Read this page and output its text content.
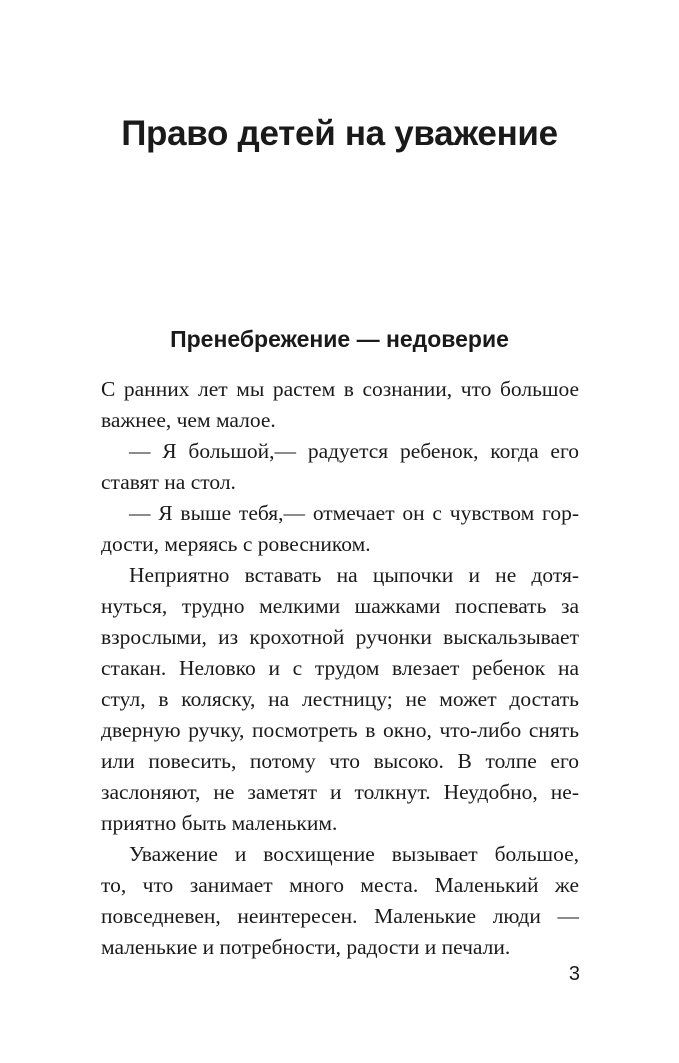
Право детей на уважение
Пренебрежение — недоверие
С ранних лет мы растем в сознании, что большое
важнее, чем малое.
— Я большой,— радуется ребенок, когда его
ставят на стол.
— Я выше тебя,— отмечает он с чувством гор-
дости, меряясь с ровесником.
Неприятно вставать на цыпочки и не дотя-
нуться, трудно мелкими шажками поспевать за
взрослыми, из крохотной ручонки выскальзывает
стакан. Неловко и с трудом влезает ребенок на
стул, в коляску, на лестницу; не может достать
дверную ручку, посмотреть в окно, что-либо снять
или повесить, потому что высоко. В толпе его
заслоняют, не заметят и толкнут. Неудобно, не-
приятно быть маленьким.
Уважение и восхищение вызывает большое,
то, что занимает много места. Маленький же
повседневен, неинтересен. Маленькие люди —
маленькие и потребности, радости и печали.
3
